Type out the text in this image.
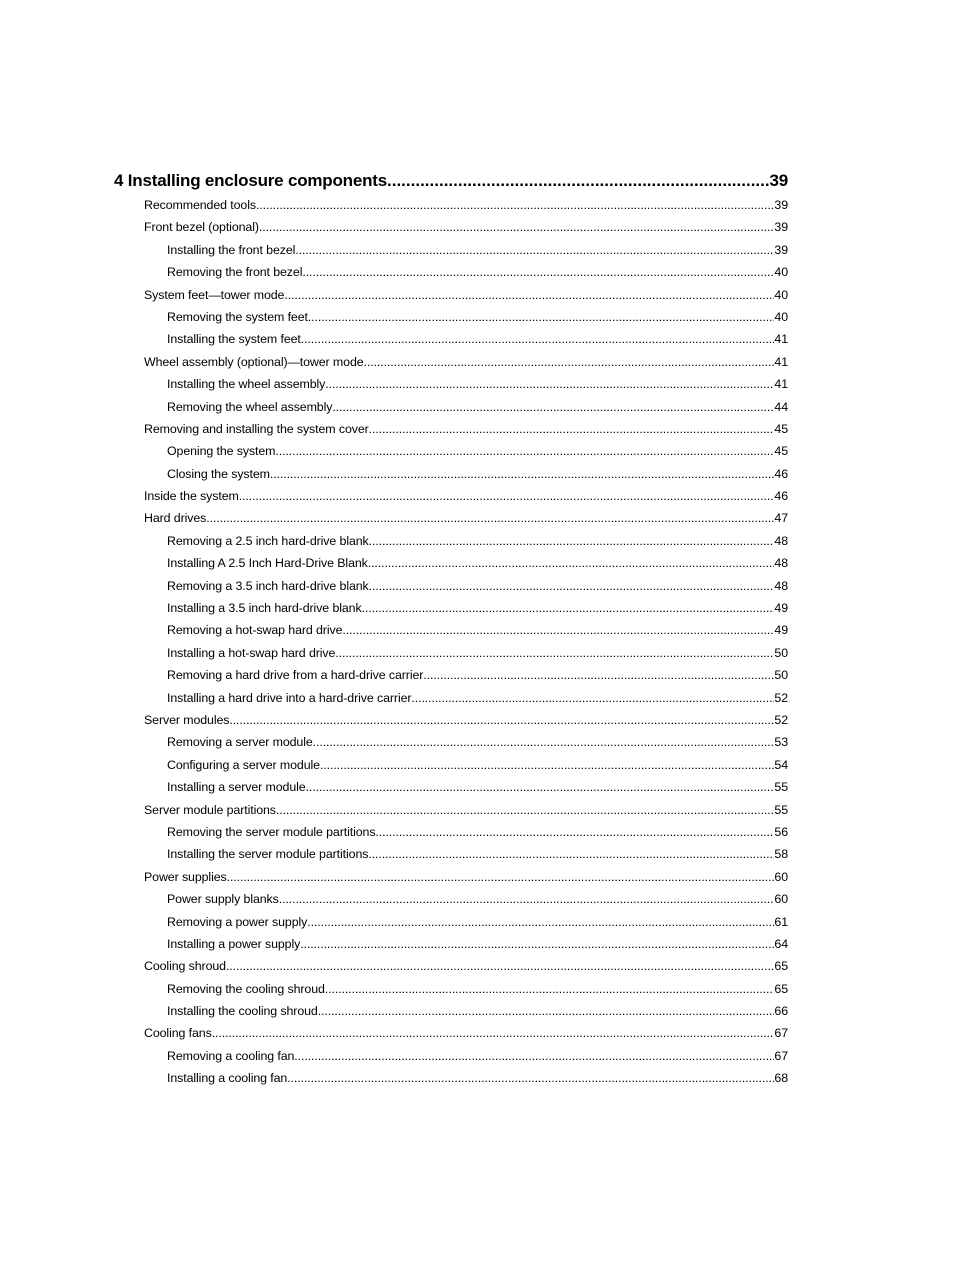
4 Installing enclosure components .....	39
Recommended tools .....	39
Front bezel (optional) .....	39
Installing the front bezel .....	39
Removing the front bezel .....	40
System feet—tower mode .....	40
Removing the system feet .....	40
Installing the system feet .....	41
Wheel assembly (optional)—tower mode .....	41
Installing the wheel assembly .....	41
Removing the wheel assembly .....	44
Removing and installing the system cover .....	45
Opening the system .....	45
Closing the system .....	46
Inside the system .....	46
Hard drives .....	47
Removing a 2.5 inch hard-drive blank .....	48
Installing A 2.5 Inch Hard-Drive Blank .....	48
Removing a 3.5 inch hard-drive blank .....	48
Installing a 3.5 inch hard-drive blank .....	49
Removing a hot-swap hard drive .....	49
Installing a hot-swap hard drive .....	50
Removing a hard drive from a hard-drive carrier .....	50
Installing a hard drive into a hard-drive carrier .....	52
Server modules .....	52
Removing a server module .....	53
Configuring a server module .....	54
Installing a server module .....	55
Server module partitions .....	55
Removing the server module partitions .....	56
Installing the server module partitions .....	58
Power supplies .....	60
Power supply blanks .....	60
Removing a power supply .....	61
Installing a power supply .....	64
Cooling shroud .....	65
Removing the cooling shroud .....	65
Installing the cooling shroud .....	66
Cooling fans .....	67
Removing a cooling fan .....	67
Installing a cooling fan .....	68
